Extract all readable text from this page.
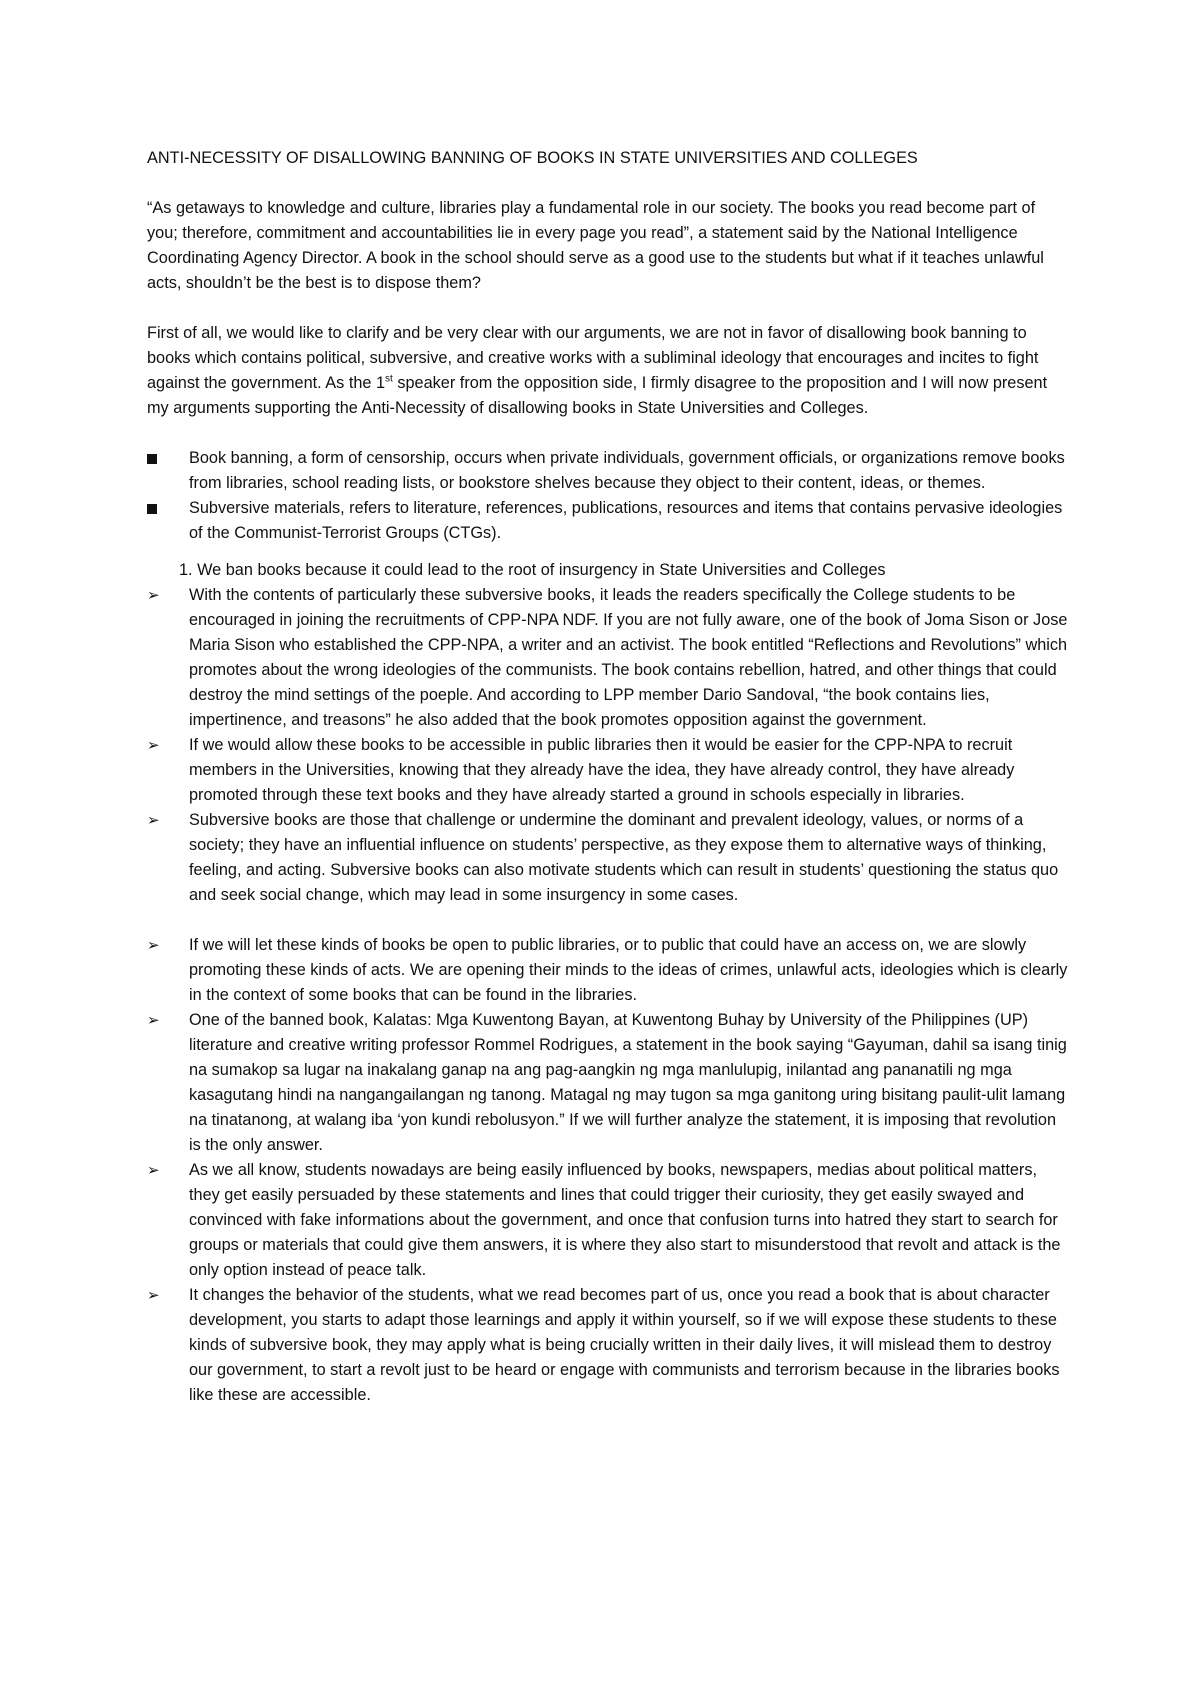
ANTI-NECESSITY OF DISALLOWING BANNING OF BOOKS IN STATE UNIVERSITIES AND COLLEGES

“As getaways to knowledge and culture, libraries play a fundamental role in our society. The books you read become part of you; therefore, commitment and accountabilities lie in every page you read”, a statement said by the National Intelligence Coordinating Agency Director. A book in the school should serve as a good use to the students but what if it teaches unlawful acts, shouldn’t be the best is to dispose them?

First of all, we would like to clarify and be very clear with our arguments, we are not in favor of disallowing book banning to books which contains political, subversive, and creative works with a subliminal ideology that encourages and incites to fight against the government. As the 1st speaker from the opposition side, I firmly disagree to the proposition and I will now present my arguments supporting the Anti-Necessity of disallowing books in State Universities and Colleges.

Book banning, a form of censorship, occurs when private individuals, government officials, or organizations remove books from libraries, school reading lists, or bookstore shelves because they object to their content, ideas, or themes.
Subversive materials, refers to literature, references, publications, resources and items that contains pervasive ideologies of the Communist-Terrorist Groups (CTGs).

1. We ban books because it could lead to the root of insurgency in State Universities and Colleges

➢ With the contents of particularly these subversive books, it leads the readers specifically the College students to be encouraged in joining the recruitments of CPP-NPA NDF. If you are not fully aware, one of the book of Joma Sison or Jose Maria Sison who established the CPP-NPA, a writer and an activist. The book entitled “Reflections and Revolutions” which promotes about the wrong ideologies of the communists. The book contains rebellion, hatred, and other things that could destroy the mind settings of the poeple. And according to LPP member Dario Sandoval, “the book contains lies, impertinence, and treasons” he also added that the book promotes opposition against the government.
➢ If we would allow these books to be accessible in public libraries then it would be easier for the CPP-NPA to recruit members in the Universities, knowing that they already have the idea, they have already control, they have already promoted through these text books and they have already started a ground in schools especially in libraries.
➢ Subversive books are those that challenge or undermine the dominant and prevalent ideology, values, or norms of a society; they have an influential influence on students’ perspective, as they expose them to alternative ways of thinking, feeling, and acting. Subversive books can also motivate students which can result in students’ questioning the status quo and seek social change, which may lead in some insurgency in some cases.
➢ If we will let these kinds of books be open to public libraries, or to public that could have an access on, we are slowly promoting these kinds of acts. We are opening their minds to the ideas of crimes, unlawful acts, ideologies which is clearly in the context of some books that can be found in the libraries.
➢ One of the banned book, Kalatas: Mga Kuwentong Bayan, at Kuwentong Buhay by University of the Philippines (UP) literature and creative writing professor Rommel Rodrigues, a statement in the book saying “Gayuman, dahil sa isang tinig na sumakop sa lugar na inakalang ganap na ang pag-aangkin ng mga manlulupig, inilantad ang pananatili ng mga kasagutang hindi na nangangailangan ng tanong. Matagal ng may tugon sa mga ganitong uring bisitang paulit-ulit lamang na tinatanong, at walang iba ‘yon kundi rebolusyon.” If we will further analyze the statement, it is imposing that revolution is the only answer.
➢ As we all know, students nowadays are being easily influenced by books, newspapers, medias about political matters, they get easily persuaded by these statements and lines that could trigger their curiosity, they get easily swayed and convinced with fake informations about the government, and once that confusion turns into hatred they start to search for groups or materials that could give them answers, it is where they also start to misunderstood that revolt and attack is the only option instead of peace talk.
➢ It changes the behavior of the students, what we read becomes part of us, once you read a book that is about character development, you starts to adapt those learnings and apply it within yourself, so if we will expose these students to these kinds of subversive book, they may apply what is being crucially written in their daily lives, it will mislead them to destroy our government, to start a revolt just to be heard or engage with communists and terrorism because in the libraries books like these are accessible.
